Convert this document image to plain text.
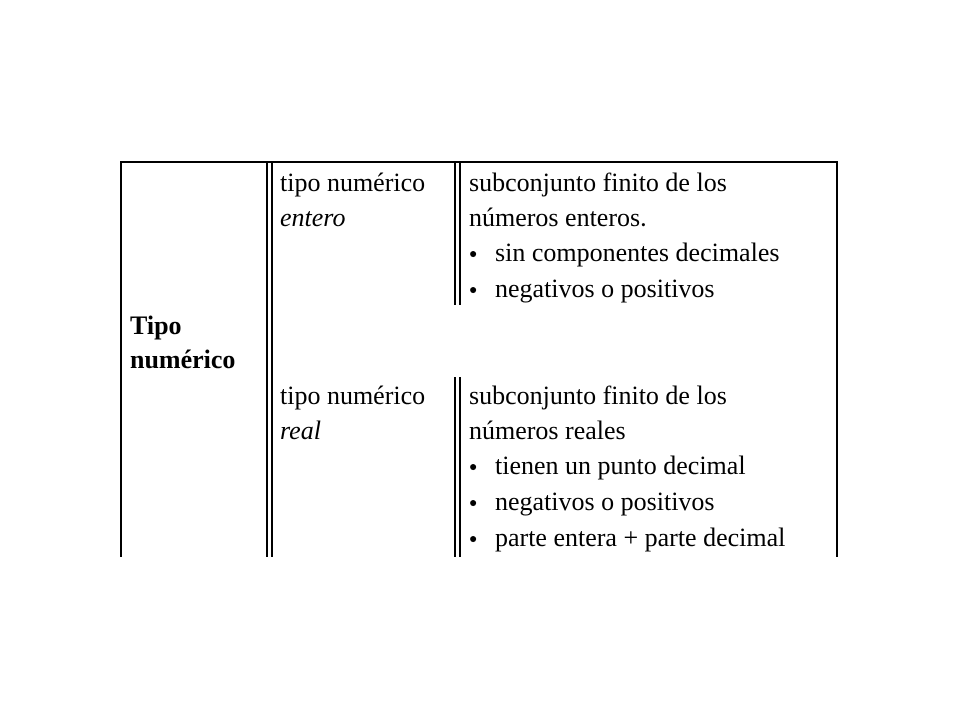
Tipo

numérico

tipo numérico

entero

subconjunto finito de los

números enteros.

● sin componentes decimales

● negativos o positivos

tipo numérico

real

subconjunto finito de los

números reales

● tienen un punto decimal

● negativos o positivos

● parte entera + parte decimal
